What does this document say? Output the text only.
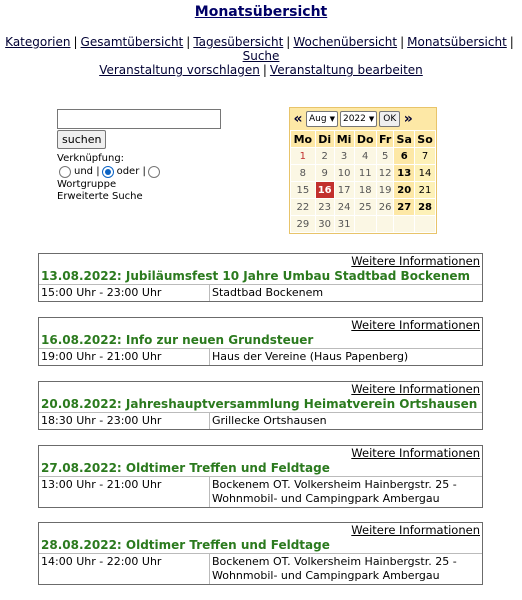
Monatsübersicht
Kategorien | Gesamtübersicht | Tagesübersicht | Wochenübersicht | Monatsübersicht |
Suche
Veranstaltung vorschlagen | Veranstaltung bearbeiten
suchen
Verknüpfung:
und | oder |
Wortgruppe
Erweiterte Suche
« Aug ▼ 2022 ▼	OK »
Mo	Di	Mi	Do	Fr	Sa	So
1	2	3	4	5	6	7
8	9	10	11	12	13	14
15	16	17	18	19	20	21
22	23	24	25	26	27	28
29	30	31				
Weitere Informationen
13.08.2022: Jubiläumsfest 10 Jahre Umbau Stadtbad Bockenem
15:00 Uhr - 23:00 Uhr	Stadtbad Bockenem
Weitere Informationen
16.08.2022: Info zur neuen Grundsteuer
19:00 Uhr - 21:00 Uhr	Haus der Vereine (Haus Papenberg)
Weitere Informationen
20.08.2022: Jahreshauptversammlung Heimatverein Ortshausen
18:30 Uhr - 23:00 Uhr	Grillecke Ortshausen
Weitere Informationen
27.08.2022: Oldtimer Treffen und Feldtage
13:00 Uhr - 21:00 Uhr	Bockenem OT. Volkersheim Hainbergstr. 25 - Wohnmobil- und Campingpark Ambergau
Weitere Informationen
28.08.2022: Oldtimer Treffen und Feldtage
14:00 Uhr - 22:00 Uhr	Bockenem OT. Volkersheim Hainbergstr. 25 - Wohnmobil- und Campingpark Ambergau
